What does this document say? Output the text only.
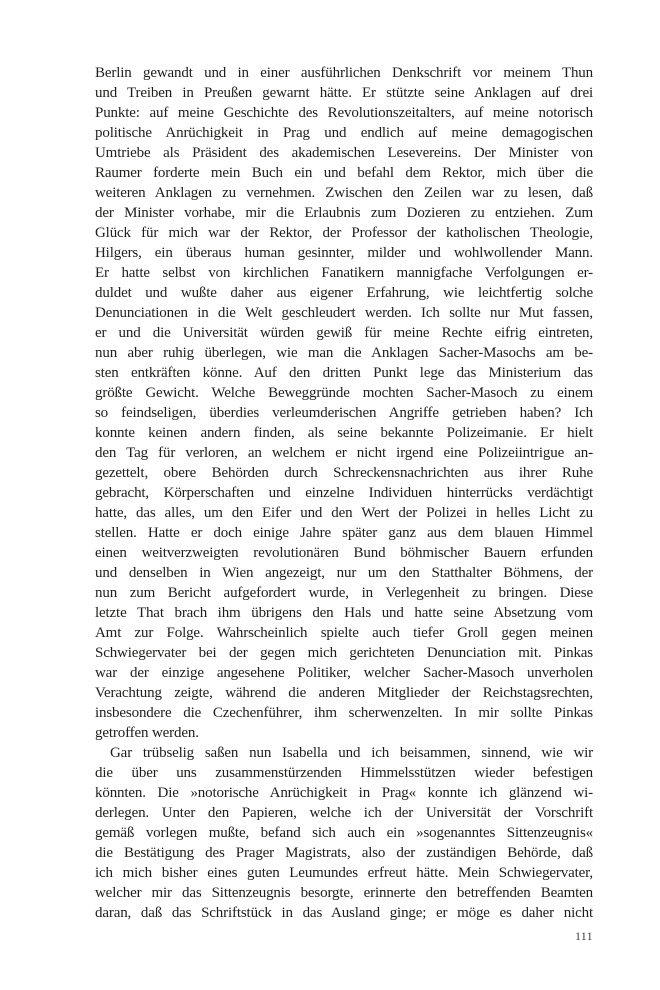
Berlin gewandt und in einer ausführlichen Denkschrift vor meinem Thun
und Treiben in Preußen gewarnt hätte. Er stützte seine Anklagen auf drei
Punkte: auf meine Geschichte des Revolutionszeitalters, auf meine notorisch
politische Anrüchigkeit in Prag und endlich auf meine demagogischen
Umtriebe als Präsident des akademischen Lesevereins. Der Minister von
Raumer forderte mein Buch ein und befahl dem Rektor, mich über die
weiteren Anklagen zu vernehmen. Zwischen den Zeilen war zu lesen, daß
der Minister vorhabe, mir die Erlaubnis zum Dozieren zu entziehen. Zum
Glück für mich war der Rektor, der Professor der katholischen Theologie,
Hilgers, ein überaus human gesinnter, milder und wohlwollender Mann.
Er hatte selbst von kirchlichen Fanatikern mannigfache Verfolgungen er-
duldet und wußte daher aus eigener Erfahrung, wie leichtfertig solche
Denunciationen in die Welt geschleudert werden. Ich sollte nur Mut fassen,
er und die Universität würden gewiß für meine Rechte eifrig eintreten,
nun aber ruhig überlegen, wie man die Anklagen Sacher-Masochs am be-
sten entkräften könne. Auf den dritten Punkt lege das Ministerium das
größte Gewicht. Welche Beweggründe mochten Sacher-Masoch zu einem
so feindseligen, überdies verleumderischen Angriffe getrieben haben? Ich
konnte keinen andern finden, als seine bekannte Polizeimanie. Er hielt
den Tag für verloren, an welchem er nicht irgend eine Polizeiintrigue an-
gezettelt, obere Behörden durch Schreckensnachrichten aus ihrer Ruhe
gebracht, Körperschaften und einzelne Individuen hinterrücks verdächtigt
hatte, das alles, um den Eifer und den Wert der Polizei in helles Licht zu
stellen. Hatte er doch einige Jahre später ganz aus dem blauen Himmel
einen weitverzweigten revolutionären Bund böhmischer Bauern erfunden
und denselben in Wien angezeigt, nur um den Statthalter Böhmens, der
nun zum Bericht aufgefordert wurde, in Verlegenheit zu bringen. Diese
letzte That brach ihm übrigens den Hals und hatte seine Absetzung vom
Amt zur Folge. Wahrscheinlich spielte auch tiefer Groll gegen meinen
Schwiegervater bei der gegen mich gerichteten Denunciation mit. Pinkas
war der einzige angesehene Politiker, welcher Sacher-Masoch unverholen
Verachtung zeigte, während die anderen Mitglieder der Reichstagsrechten,
insbesondere die Czechenführer, ihm scherwenzelten. In mir sollte Pinkas
getroffen werden.
Gar trübselig saßen nun Isabella und ich beisammen, sinnend, wie wir
die über uns zusammenstürzenden Himmelsstützen wieder befestigen
könnten. Die »notorische Anrüchigkeit in Prag« konnte ich glänzend wi-
derlegen. Unter den Papieren, welche ich der Universität der Vorschrift
gemäß vorlegen mußte, befand sich auch ein »sogenanntes Sittenzeugnis«
die Bestätigung des Prager Magistrats, also der zuständigen Behörde, daß
ich mich bisher eines guten Leumundes erfreut hätte. Mein Schwiegervater,
welcher mir das Sittenzeugnis besorgte, erinnerte den betreffenden Beamten
daran, daß das Schriftstück in das Ausland ginge; er möge es daher nicht
111
